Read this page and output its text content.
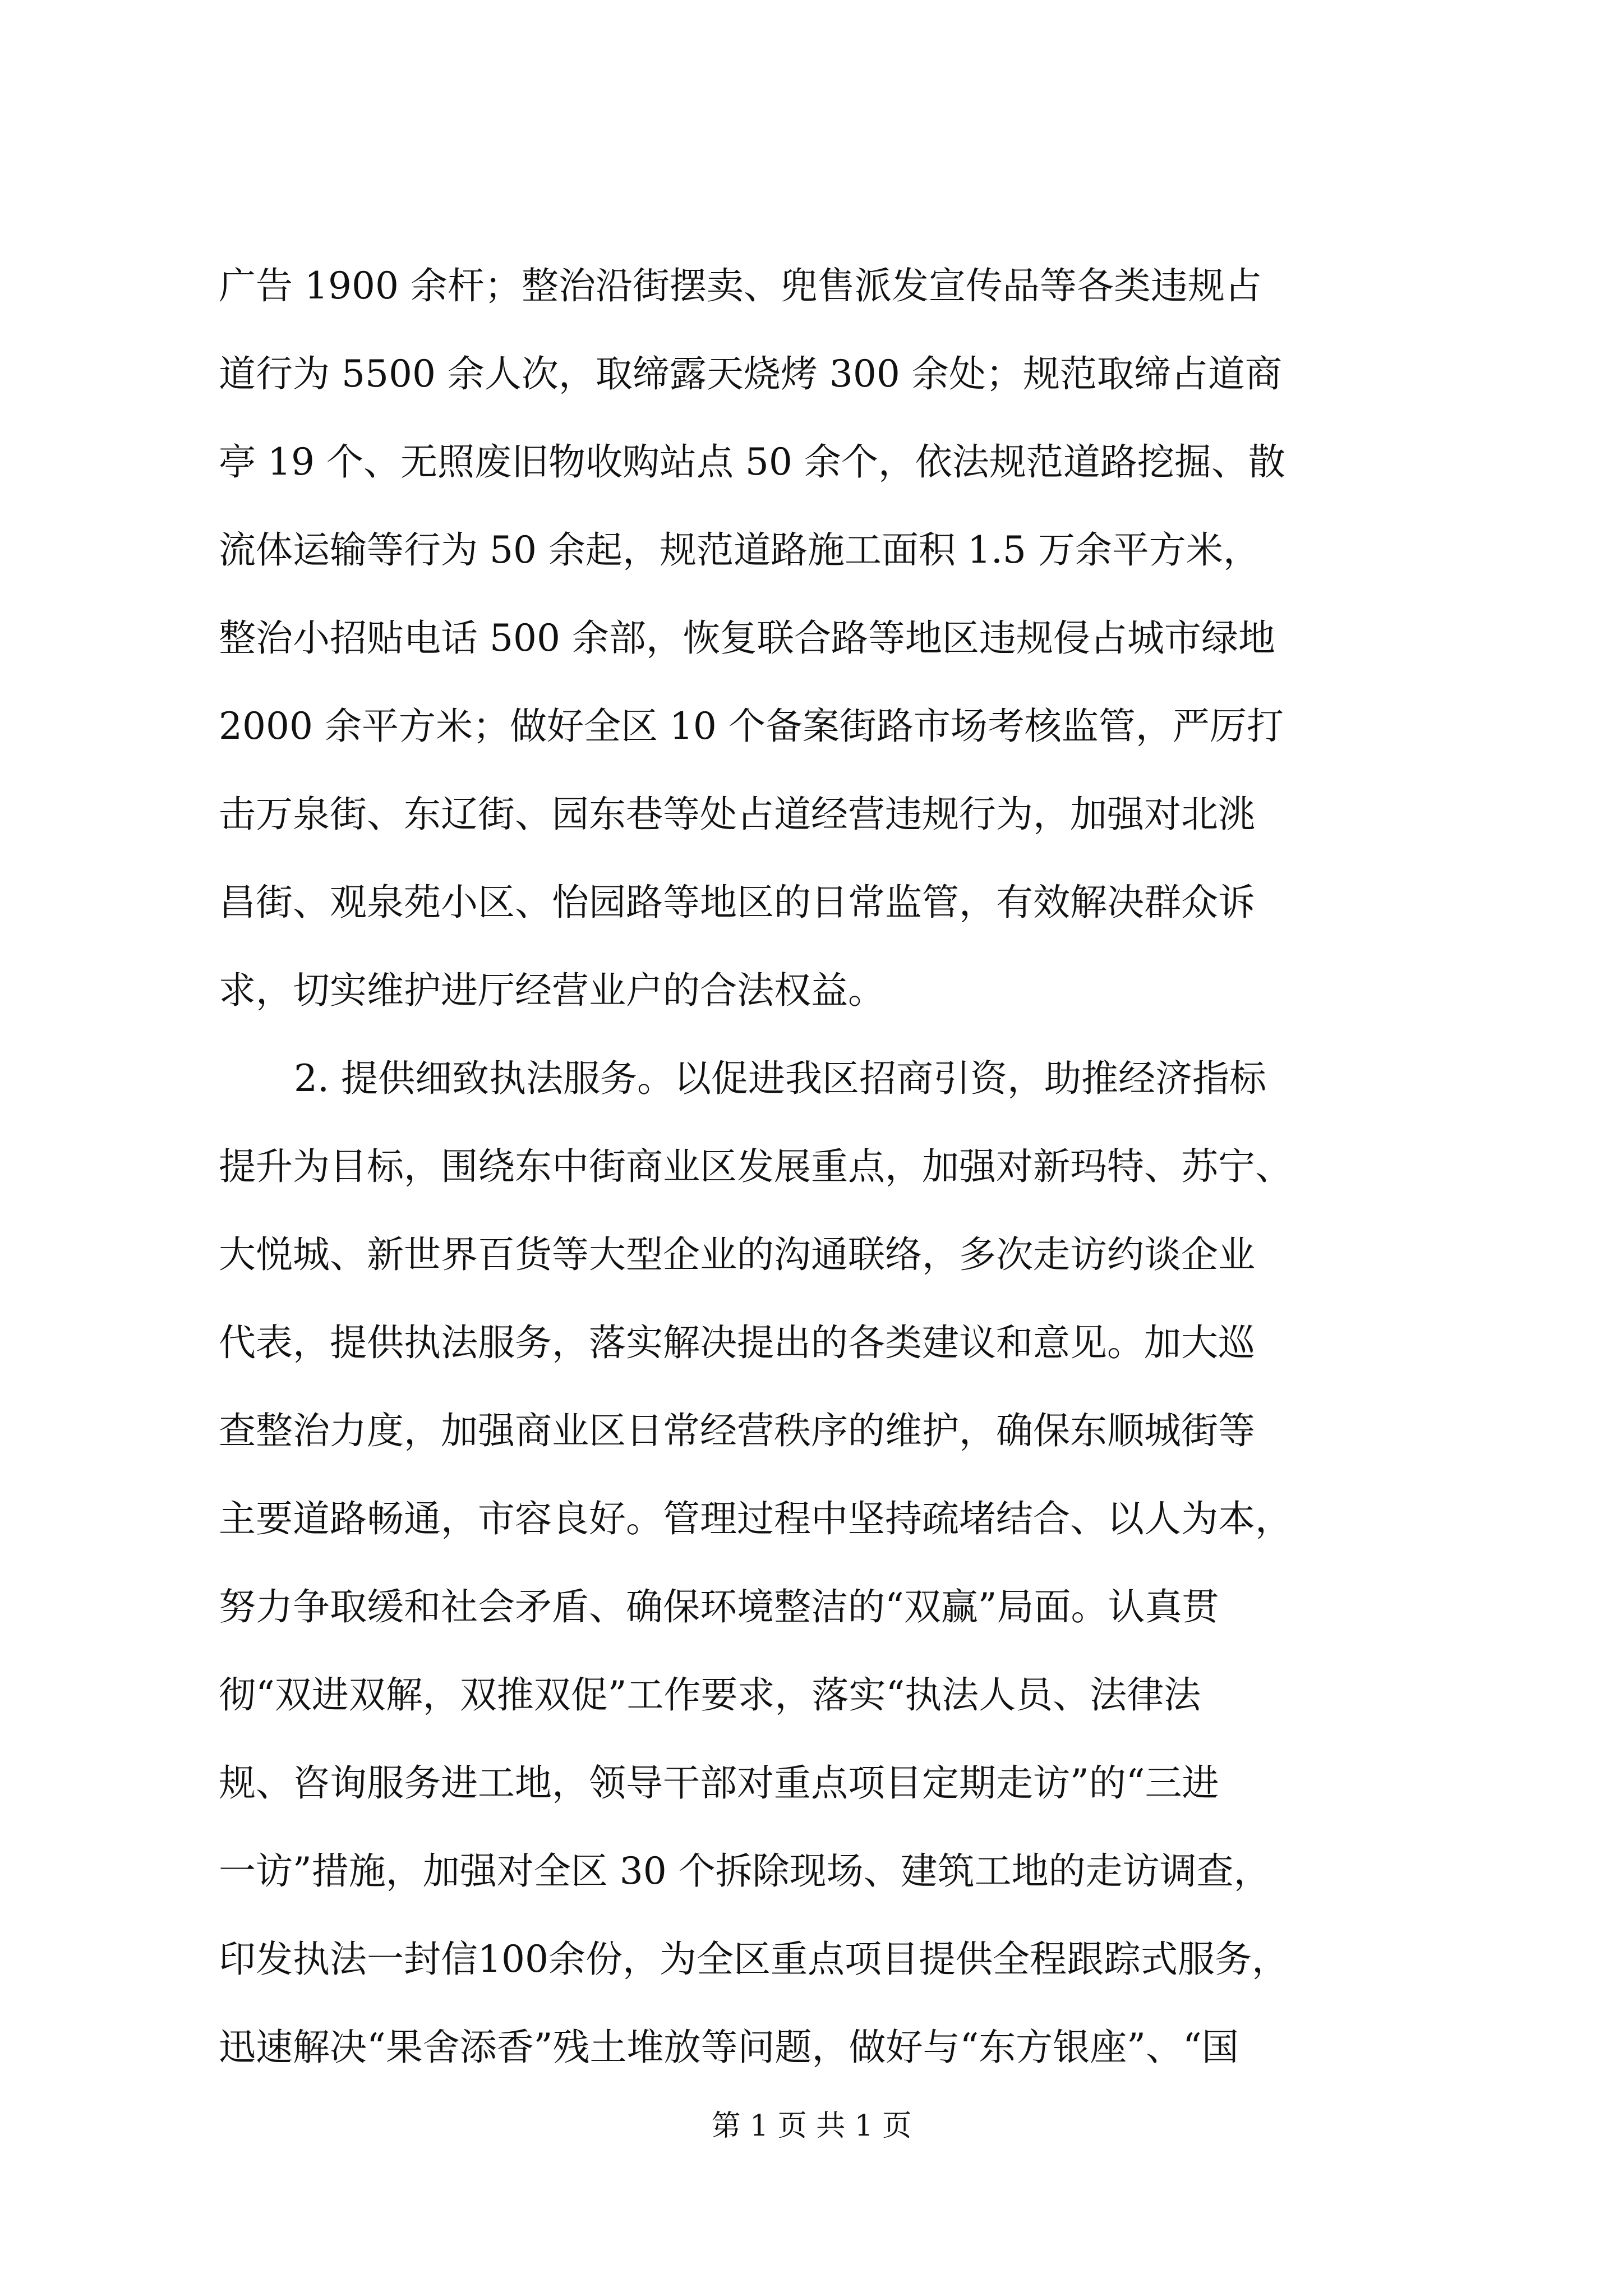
广告 1900 余杆；整治沿街摆卖、兜售派发宣传品等各类违规占
道行为 5500 余人次，取缔露天烧烤 300 余处；规范取缔占道商
亭 19 个、无照废旧物收购站点 50 余个，依法规范道路挖掘、散
流体运输等行为 50 余起，规范道路施工面积 1.5 万余平方米，
整治小招贴电话 500 余部，恢复联合路等地区违规侵占城市绿地
2000 余平方米；做好全区 10 个备案街路市场考核监管，严厉打
击万泉街、东辽街、园东巷等处占道经营违规行为，加强对北洮
昌街、观泉苑小区、怡园路等地区的日常监管，有效解决群众诉
求，切实维护进厅经营业户的合法权益。
2. 提供细致执法服务。以促进我区招商引资，助推经济指标
提升为目标，围绕东中街商业区发展重点，加强对新玛特、苏宁、
大悦城、新世界百货等大型企业的沟通联络，多次走访约谈企业
代表，提供执法服务，落实解决提出的各类建议和意见。加大巡
查整治力度，加强商业区日常经营秩序的维护，确保东顺城街等
主要道路畅通，市容良好。管理过程中坚持疏堵结合、以人为本，
努力争取缓和社会矛盾、确保环境整洁的“双赢”局面。认真贯
彻“双进双解，双推双促”工作要求，落实“执法人员、法律法
规、咨询服务进工地，领导干部对重点项目定期走访”的“三进
一访”措施，加强对全区 30 个拆除现场、建筑工地的走访调查，
印发执法一封信100余份，为全区重点项目提供全程跟踪式服务，
迅速解决“果舍添香”残土堆放等问题，做好与“东方银座”、“国
第 1 页 共 1 页
